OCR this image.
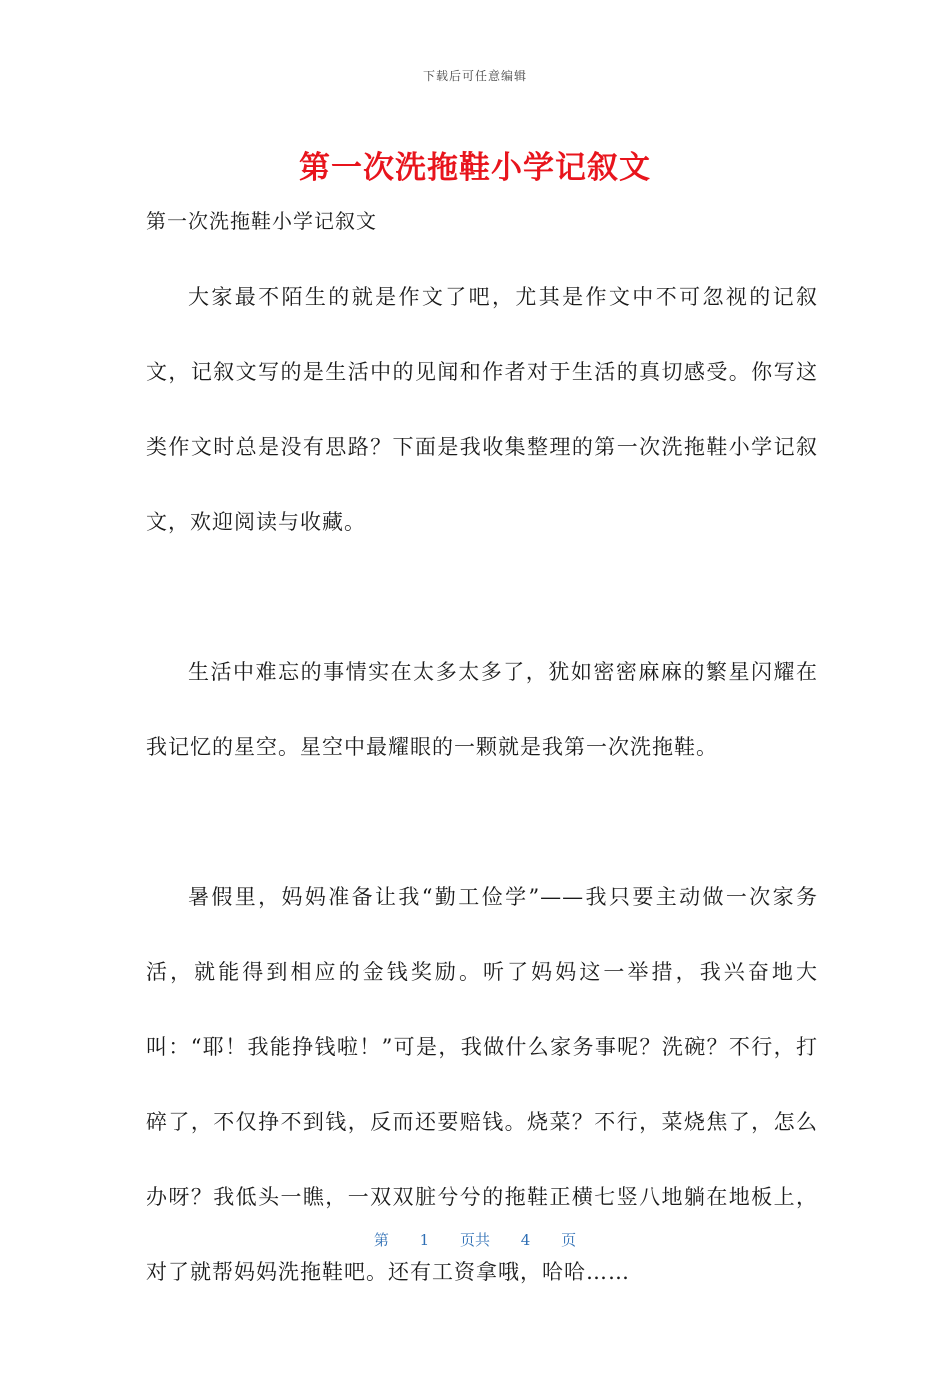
下载后可任意编辑
第一次洗拖鞋小学记叙文
第一次洗拖鞋小学记叙文

大家最不陌生的就是作文了吧，尤其是作文中不可忽视的记叙文，记叙文写的是生活中的见闻和作者对于生活的真切感受。你写这类作文时总是没有思路？下面是我收集整理的第一次洗拖鞋小学记叙文，欢迎阅读与收藏。

生活中难忘的事情实在太多太多了，犹如密密麻麻的繁星闪耀在我记忆的星空。星空中最耀眼的一颗就是我第一次洗拖鞋。

暑假里，妈妈准备让我“勤工俭学”——我只要主动做一次家务活，就能得到相应的金钱奖励。听了妈妈这一举措，我兴奋地大叫：“耶！我能挣钱啦！”可是，我做什么家务事呢？洗碗？不行，打碎了，不仅挣不到钱，反而还要赔钱。烧菜？不行，菜烧焦了，怎么办呀？我低头一瞧，一双双脏兮兮的拖鞋正横七竖八地躺在地板上，对了就帮妈妈洗拖鞋吧。还有工资拿哦，哈哈……

第 1 页共 4 页
